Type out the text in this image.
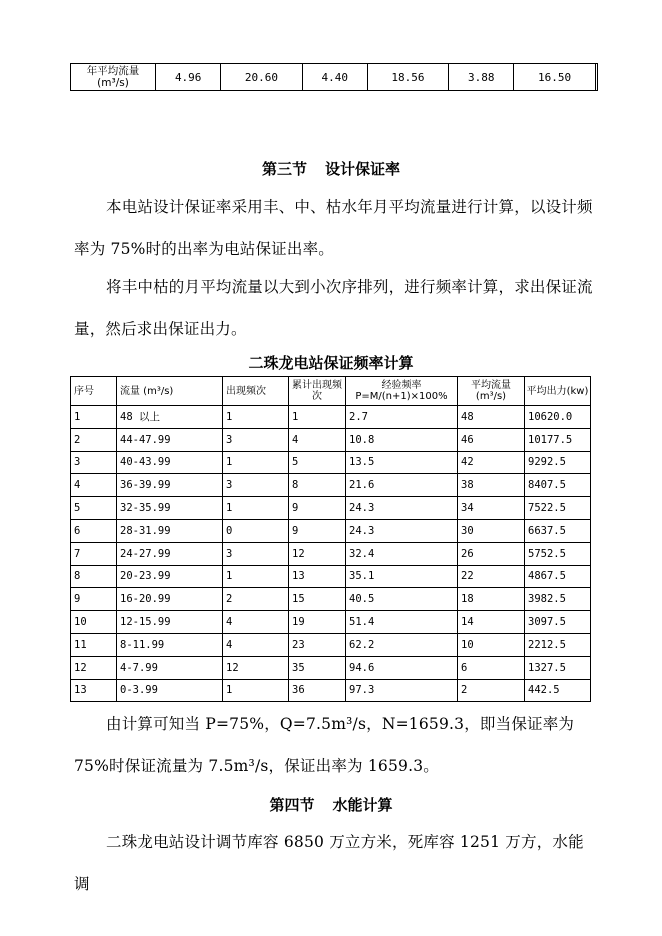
年平均流量
(m³/s)	4.96	20.60	4.40	18.56	3.88	16.50	
第三节 设计保证率

本电站设计保证率采用丰、中、枯水年月平均流量进行计算，以设计频率为 75%时的出率为电站保证出率。

将丰中枯的月平均流量以大到小次序排列，进行频率计算，求出保证流量，然后求出保证出力。

二珠龙电站保证频率计算

序号	流量 (m³/s)	出现频次	累计出现频次	经验频率 P=M/(n+1)×100%	平均流量 (m³/s)	平均出力(kw)
1	48 以上	1	1	2.7	48	10620.0
2	44-47.99	3	4	10.8	46	10177.5
3	40-43.99	1	5	13.5	42	9292.5
4	36-39.99	3	8	21.6	38	8407.5
5	32-35.99	1	9	24.3	34	7522.5
6	28-31.99	0	9	24.3	30	6637.5
7	24-27.99	3	12	32.4	26	5752.5
8	20-23.99	1	13	35.1	22	4867.5
9	16-20.99	2	15	40.5	18	3982.5
10	12-15.99	4	19	51.4	14	3097.5
11	8-11.99	4	23	62.2	10	2212.5
12	4-7.99	12	35	94.6	6	1327.5
13	0-3.99	1	36	97.3	2	442.5

由计算可知当 P=75%，Q=7.5m³/s，N=1659.3，即当保证率为 75%时保证流量为 7.5m³/s，保证出率为 1659.3。

第四节 水能计算

二珠龙电站设计调节库容 6850 万立方米，死库容 1251 万方，水能调
